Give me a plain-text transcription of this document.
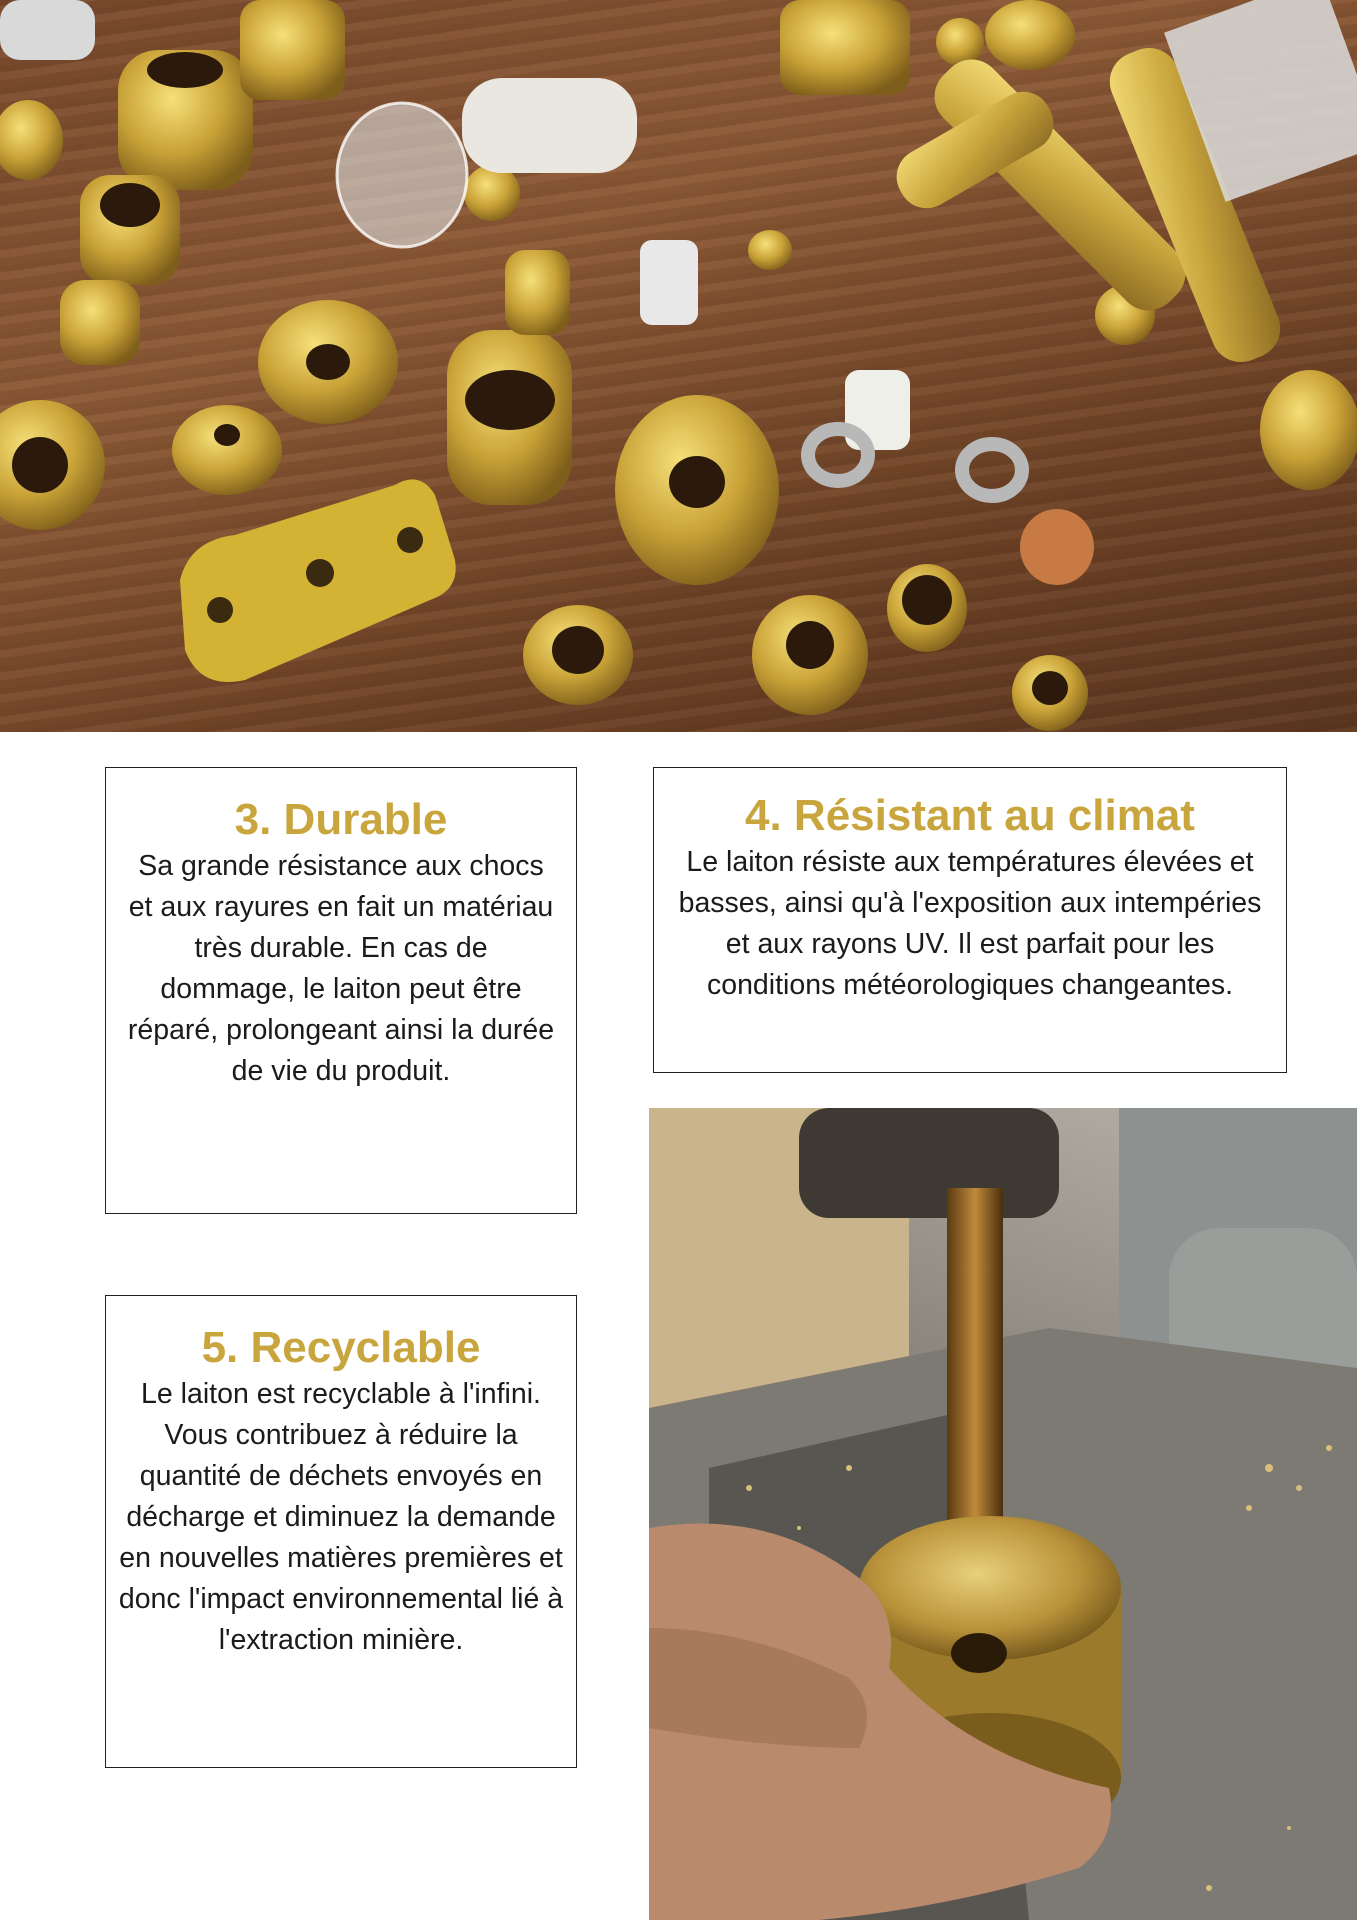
3. Durable

Sa grande résistance aux chocs et aux rayures en fait un matériau très durable. En cas de dommage, le laiton peut être réparé, prolongeant ainsi la durée de vie du produit.

4. Résistant au climat

Le laiton résiste aux températures élevées et basses, ainsi qu'à l'exposition aux intempéries et aux rayons UV. Il est parfait pour les conditions météorologiques changeantes.

5. Recyclable

Le laiton est recyclable à l'infini. Vous contribuez à réduire la quantité de déchets envoyés en décharge et diminuez la demande en nouvelles matières premières et donc l'impact environnemental lié à l'extraction minière.
